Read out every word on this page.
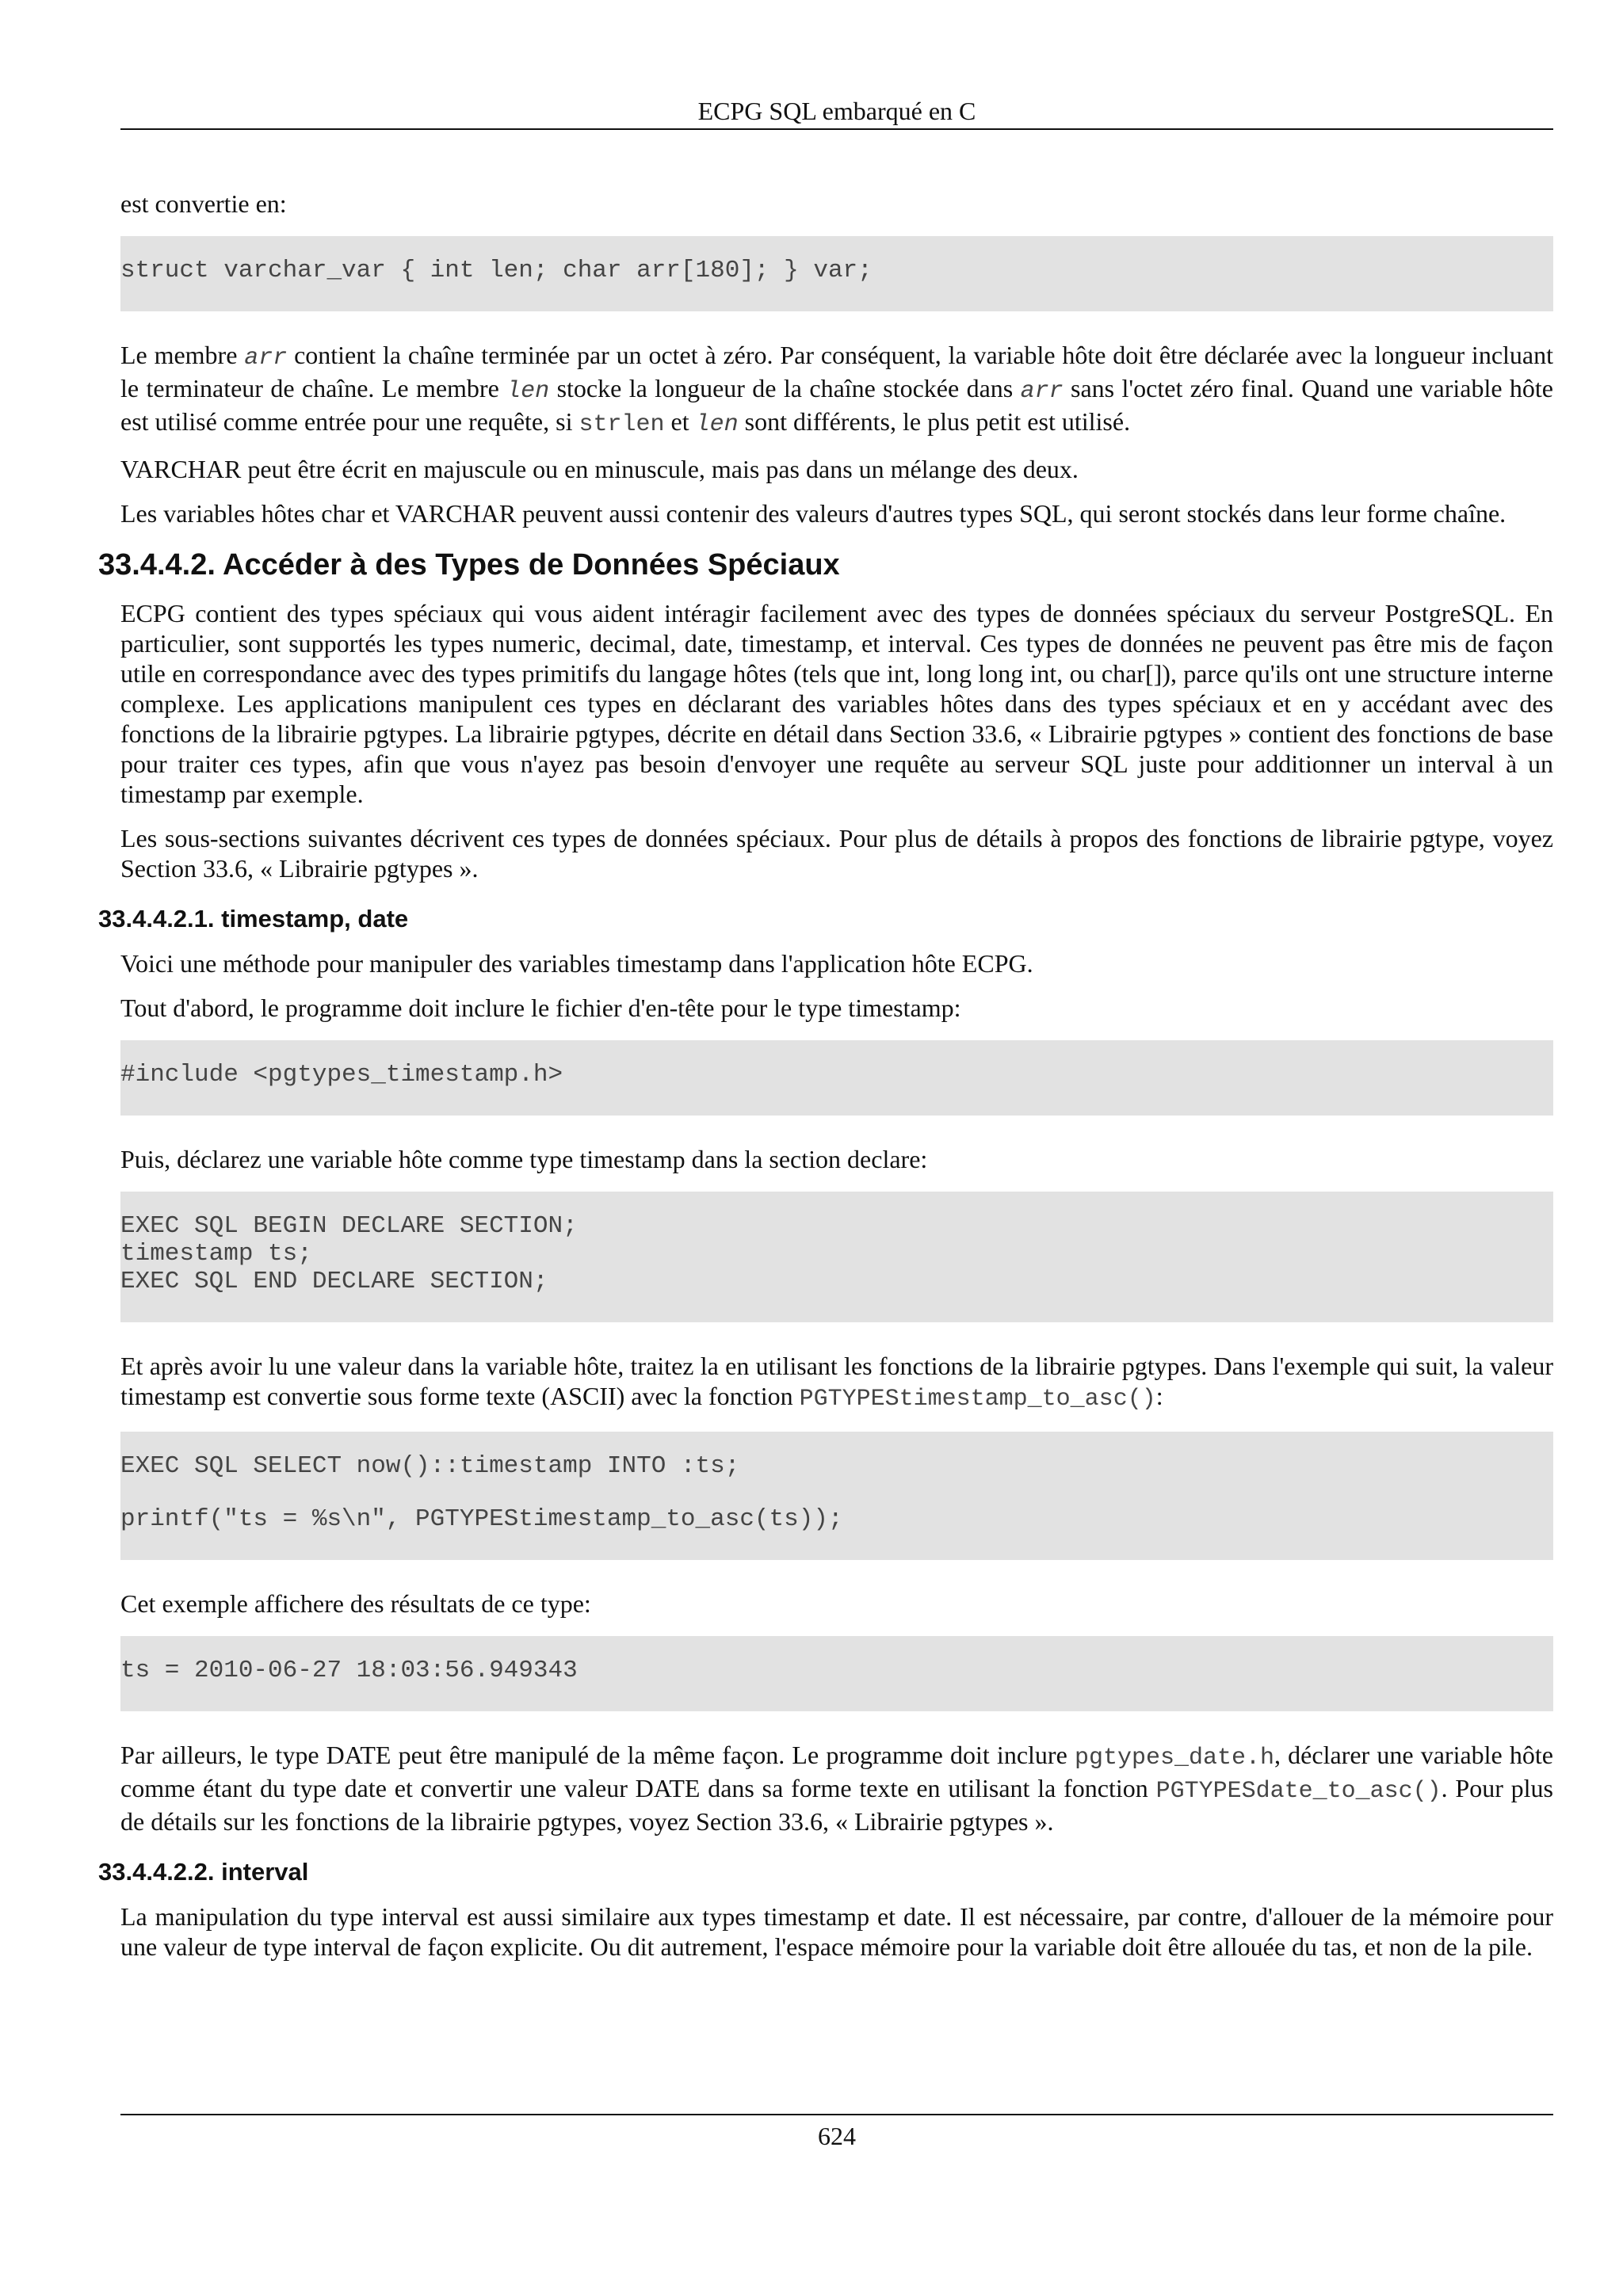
ECPG SQL embarqué en C

est convertie en:

struct varchar_var { int len; char arr[180]; } var;

Le membre arr contient la chaîne terminée par un octet à zéro. Par conséquent, la variable hôte doit être déclarée avec la longueur incluant le terminateur de chaîne. Le membre len stocke la longueur de la chaîne stockée dans arr sans l'octet zéro final. Quand une variable hôte est utilisé comme entrée pour une requête, si strlen et len sont différents, le plus petit est utilisé.

VARCHAR peut être écrit en majuscule ou en minuscule, mais pas dans un mélange des deux.

Les variables hôtes char et VARCHAR peuvent aussi contenir des valeurs d'autres types SQL, qui seront stockés dans leur forme chaîne.

33.4.4.2. Accéder à des Types de Données Spéciaux

ECPG contient des types spéciaux qui vous aident intéragir facilement avec des types de données spéciaux du serveur PostgreSQL. En particulier, sont supportés les types numeric, decimal, date, timestamp, et interval. Ces types de données ne peuvent pas être mis de façon utile en correspondance avec des types primitifs du langage hôtes (tels que int, long long int, ou char[]), parce qu'ils ont une structure interne complexe. Les applications manipulent ces types en déclarant des variables hôtes dans des types spéciaux et en y accédant avec des fonctions de la librairie pgtypes. La librairie pgtypes, décrite en détail dans Section 33.6, « Librairie pgtypes » contient des fonctions de base pour traiter ces types, afin que vous n'ayez pas besoin d'envoyer une requête au serveur SQL juste pour additionner un interval à un timestamp par exemple.

Les sous-sections suivantes décrivent ces types de données spéciaux. Pour plus de détails à propos des fonctions de librairie pgtype, voyez Section 33.6, « Librairie pgtypes ».

33.4.4.2.1. timestamp, date

Voici une méthode pour manipuler des variables timestamp dans l'application hôte ECPG.

Tout d'abord, le programme doit inclure le fichier d'en-tête pour le type timestamp:

#include <pgtypes_timestamp.h>

Puis, déclarez une variable hôte comme type timestamp dans la section declare:

EXEC SQL BEGIN DECLARE SECTION;
timestamp ts;
EXEC SQL END DECLARE SECTION;

Et après avoir lu une valeur dans la variable hôte, traitez la en utilisant les fonctions de la librairie pgtypes. Dans l'exemple qui suit, la valeur timestamp est convertie sous forme texte (ASCII) avec la fonction PGTYPEStimestamp_to_asc():

EXEC SQL SELECT now()::timestamp INTO :ts;
printf("ts = %s\n", PGTYPEStimestamp_to_asc(ts));

Cet exemple affichere des résultats de ce type:

ts = 2010-06-27 18:03:56.949343

Par ailleurs, le type DATE peut être manipulé de la même façon. Le programme doit inclure pgtypes_date.h, déclarer une variable hôte comme étant du type date et convertir une valeur DATE dans sa forme texte en utilisant la fonction PGTYPESdate_to_asc(). Pour plus de détails sur les fonctions de la librairie pgtypes, voyez Section 33.6, « Librairie pgtypes ».

33.4.4.2.2. interval

La manipulation du type interval est aussi similaire aux types timestamp et date. Il est nécessaire, par contre, d'allouer de la mémoire pour une valeur de type interval de façon explicite. Ou dit autrement, l'espace mémoire pour la variable doit être allouée du tas, et non de la pile.

624
